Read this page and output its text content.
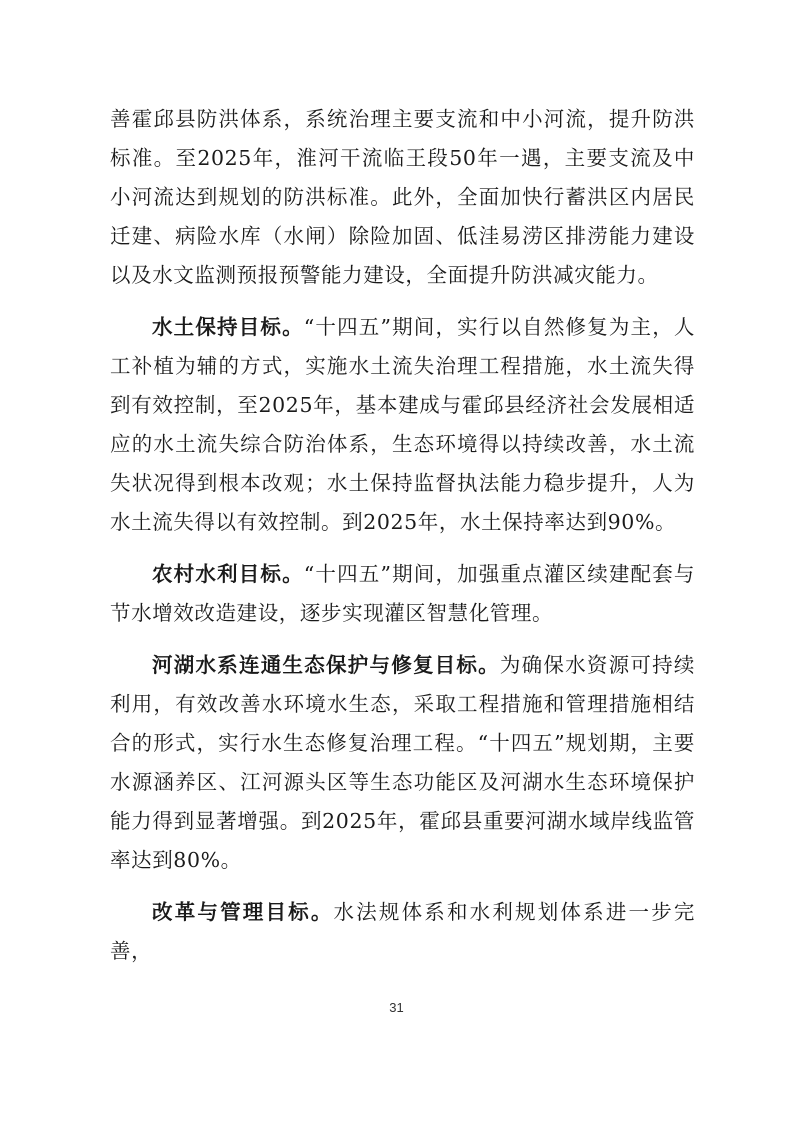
善霍邱县防洪体系，系统治理主要支流和中小河流，提升防洪标准。至2025年，淮河干流临王段50年一遇，主要支流及中小河流达到规划的防洪标准。此外，全面加快行蓄洪区内居民迁建、病险水库（水闸）除险加固、低洼易涝区排涝能力建设以及水文监测预报预警能力建设，全面提升防洪减灾能力。

水土保持目标。“十四五”期间，实行以自然修复为主，人工补植为辅的方式，实施水土流失治理工程措施，水土流失得到有效控制，至2025年，基本建成与霍邱县经济社会发展相适应的水土流失综合防治体系，生态环境得以持续改善，水土流失状况得到根本改观；水土保持监督执法能力稳步提升，人为水土流失得以有效控制。到2025年，水土保持率达到90%。

农村水利目标。“十四五”期间，加强重点灌区续建配套与节水增效改造建设，逐步实现灌区智慧化管理。

河湖水系连通生态保护与修复目标。为确保水资源可持续利用，有效改善水环境水生态，采取工程措施和管理措施相结合的形式，实行水生态修复治理工程。“十四五”规划期，主要水源涵养区、江河源头区等生态功能区及河湖水生态环境保护能力得到显著增强。到2025年，霍邱县重要河湖水域岸线监管率达到80%。

改革与管理目标。水法规体系和水利规划体系进一步完善，

31
